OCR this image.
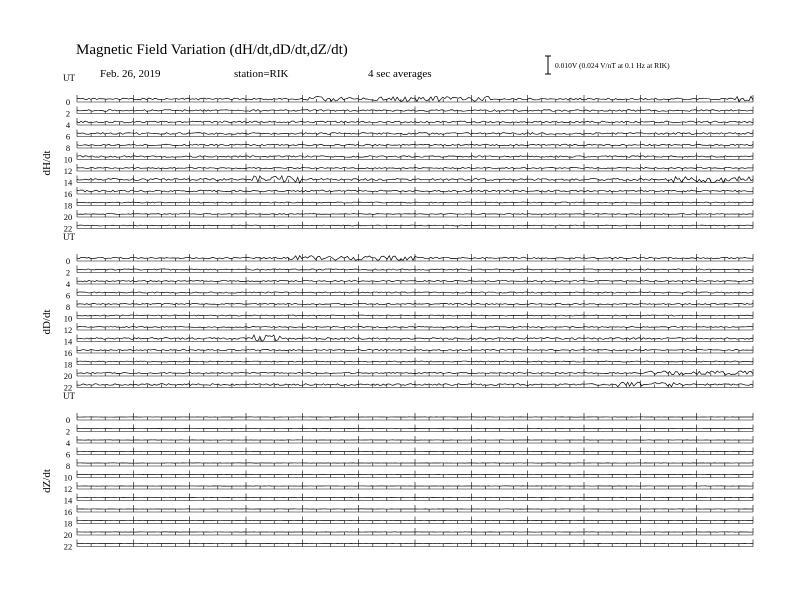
Magnetic Field Variation (dH/dt,dD/dt,dZ/dt)
Feb. 26, 2019	station=RIK	4 sec averages
0.010V (0.024 V/nT at 0.1 Hz at RIK)
UT
dH/dt
0
2
4
6
8
10
12
14
16
18
20
22
UT
dD/dt
0
2
4
6
8
10
12
14
16
18
20
22
UT
dZ/dt
0
2
4
6
8
10
12
14
16
18
20
22
